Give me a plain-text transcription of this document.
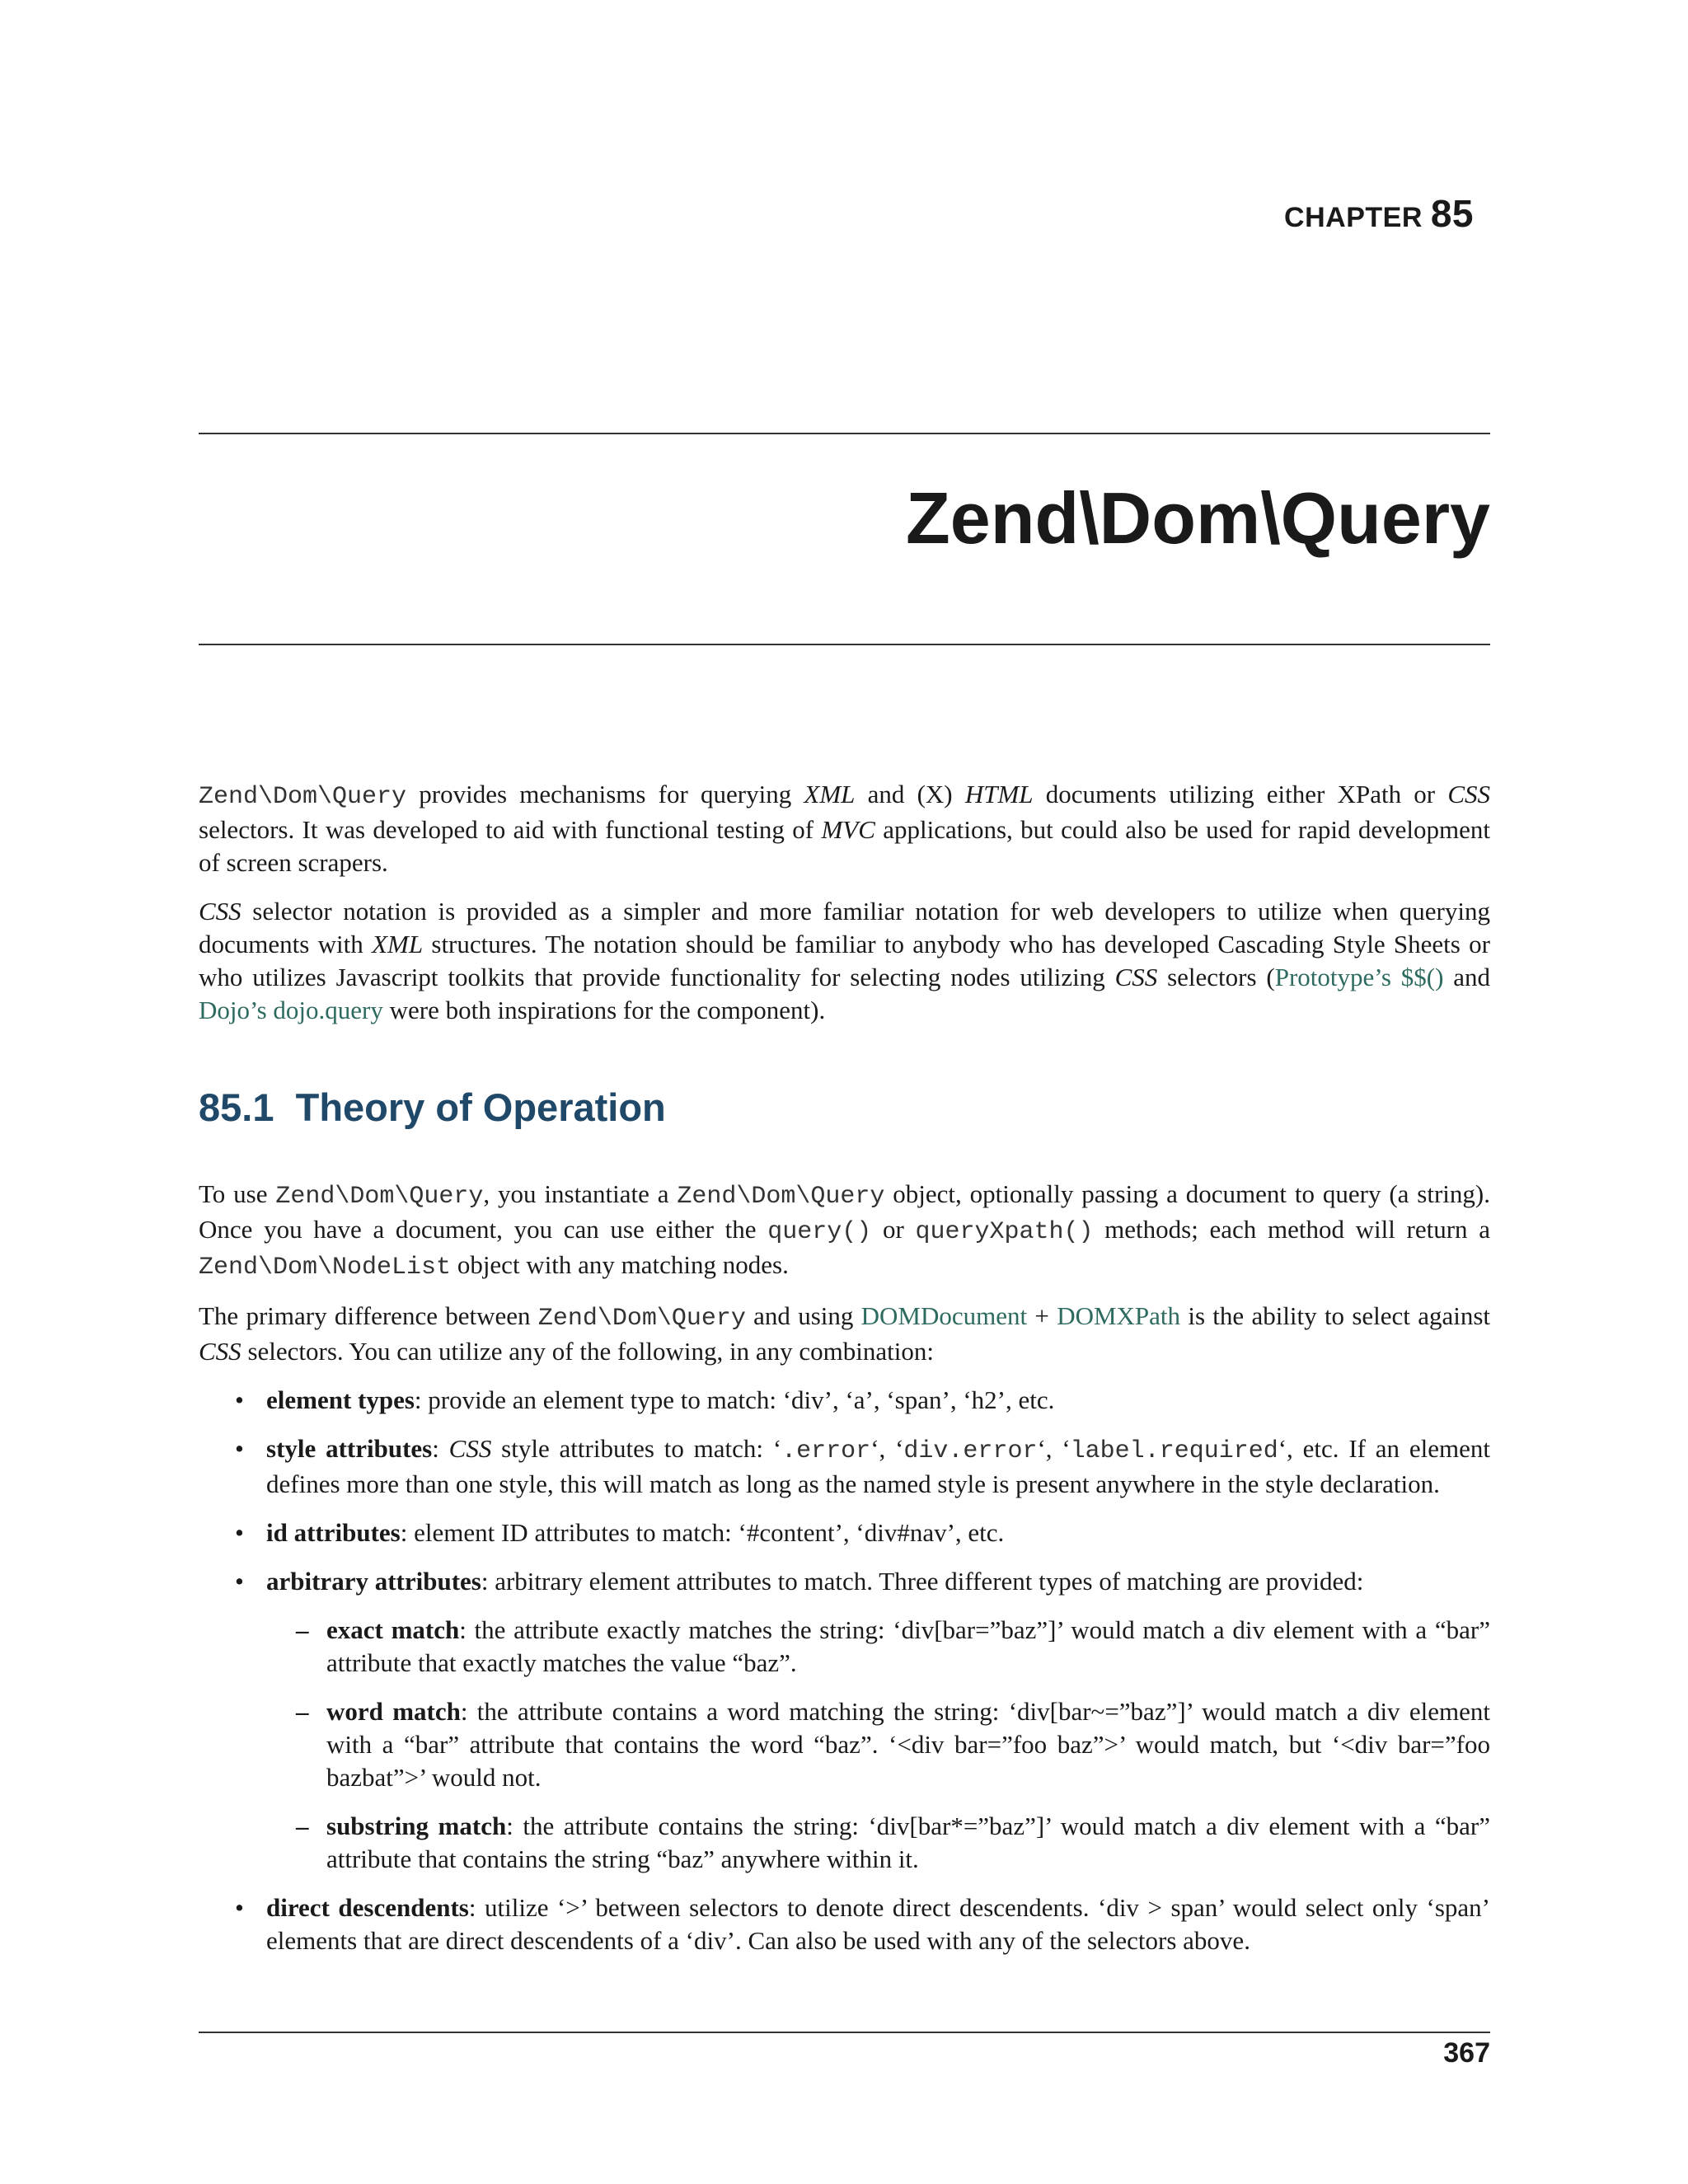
CHAPTER 85
Zend\Dom\Query

Zend\Dom\Query provides mechanisms for querying XML and (X) HTML documents utilizing either XPath or CSS selectors. It was developed to aid with functional testing of MVC applications, but could also be used for rapid development of screen scrapers.

CSS selector notation is provided as a simpler and more familiar notation for web developers to utilize when querying documents with XML structures. The notation should be familiar to anybody who has developed Cascading Style Sheets or who utilizes Javascript toolkits that provide functionality for selecting nodes utilizing CSS selectors (Prototype’s $$() and Dojo’s dojo.query were both inspirations for the component).

85.1 Theory of Operation

To use Zend\Dom\Query, you instantiate a Zend\Dom\Query object, optionally passing a document to query (a string). Once you have a document, you can use either the query() or queryXpath() methods; each method will return a Zend\Dom\NodeList object with any matching nodes.

The primary difference between Zend\Dom\Query and using DOMDocument + DOMXPath is the ability to select against CSS selectors. You can utilize any of the following, in any combination:

• element types: provide an element type to match: ‘div’, ‘a’, ‘span’, ‘h2’, etc.
• style attributes: CSS style attributes to match: ‘.error‘, ‘div.error‘, ‘label.required‘, etc. If an element defines more than one style, this will match as long as the named style is present anywhere in the style declaration.
• id attributes: element ID attributes to match: ‘#content’, ‘div#nav’, etc.
• arbitrary attributes: arbitrary element attributes to match. Three different types of matching are provided:
– exact match: the attribute exactly matches the string: ‘div[bar=”baz”]’ would match a div element with a “bar” attribute that exactly matches the value “baz”.
– word match: the attribute contains a word matching the string: ‘div[bar~=”baz”]’ would match a div element with a “bar” attribute that contains the word “baz”. ‘<div bar=”foo baz”>’ would match, but ‘<div bar=”foo bazbat”>’ would not.
– substring match: the attribute contains the string: ‘div[bar*=”baz”]’ would match a div element with a “bar” attribute that contains the string “baz” anywhere within it.
• direct descendents: utilize ‘>’ between selectors to denote direct descendents. ‘div > span’ would select only ‘span’ elements that are direct descendents of a ‘div’. Can also be used with any of the selectors above.
367
